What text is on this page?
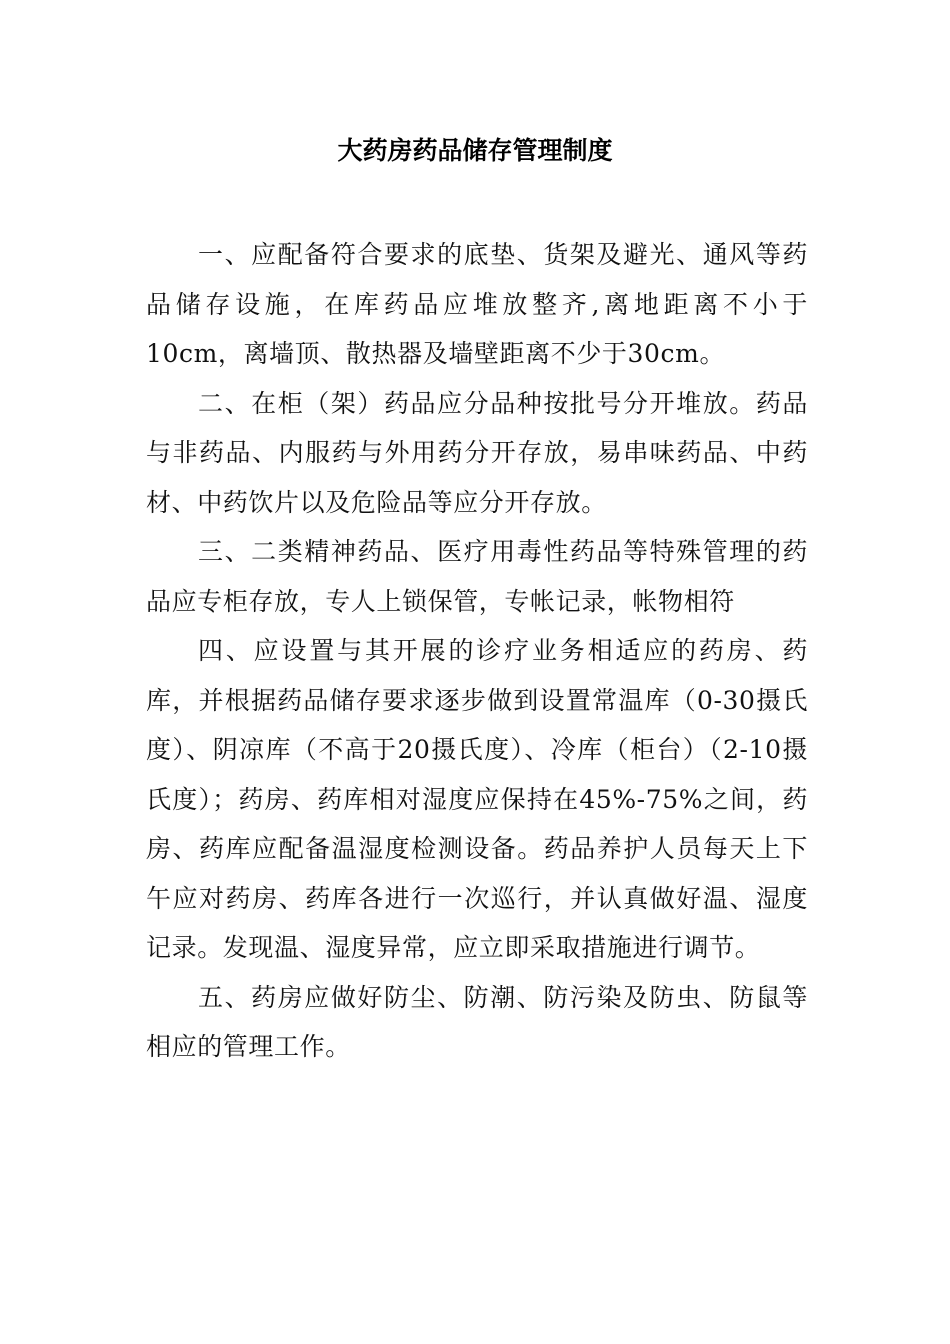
大药房药品储存管理制度

一、应配备符合要求的底垫、货架及避光、通风等药品储存设施，在库药品应堆放整齐,离地距离不小于10cm，离墙顶、散热器及墙壁距离不少于30cm。

二、在柜（架）药品应分品种按批号分开堆放。药品与非药品、内服药与外用药分开存放，易串味药品、中药材、中药饮片以及危险品等应分开存放。

三、二类精神药品、医疗用毒性药品等特殊管理的药品应专柜存放，专人上锁保管，专帐记录，帐物相符

四、应设置与其开展的诊疗业务相适应的药房、药库，并根据药品储存要求逐步做到设置常温库（0-30摄氏度）、阴凉库（不高于20摄氏度）、冷库（柜台）（2-10摄氏度）；药房、药库相对湿度应保持在45%-75%之间，药房、药库应配备温湿度检测设备。药品养护人员每天上下午应对药房、药库各进行一次巡行，并认真做好温、湿度记录。发现温、湿度异常，应立即采取措施进行调节。

五、药房应做好防尘、防潮、防污染及防虫、防鼠等相应的管理工作。
